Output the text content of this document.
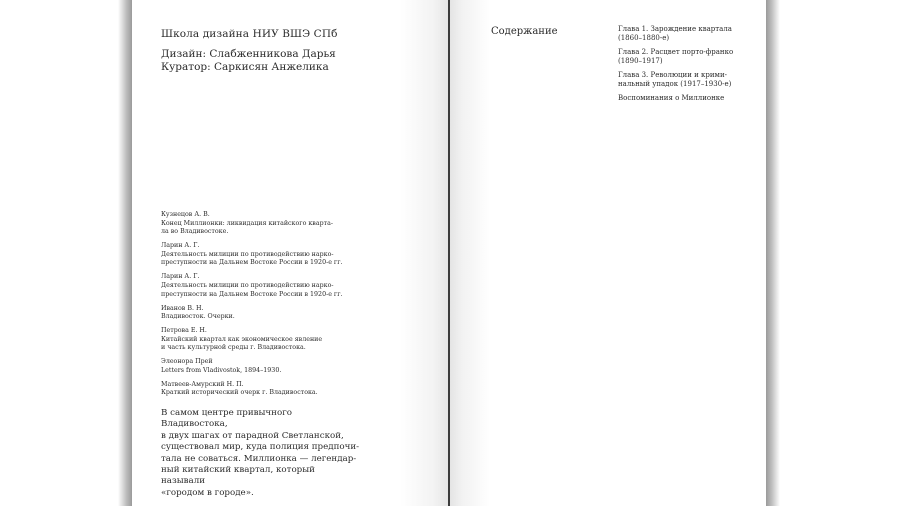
Школа дизайна НИУ ВШЭ СПб
Дизайн: Слабженникова Дарья
Куратор: Саркисян Анжелика
Кузнецов А. В.
Конец Миллионки: ликвидация китайского кварта-
ла во Владивостоке.
Ларин А. Г.
Деятельность милиции по противодействию нарко-
преступности на Дальнем Востоке России в 1920-е гг.
Ларин А. Г.
Деятельность милиции по противодействию нарко-
преступности на Дальнем Востоке России в 1920-е гг.
Иванов В. Н.
Владивосток. Очерки.
Петрова Е. Н.
Китайский квартал как экономическое явление
и часть культурной среды г. Владивостока.
Элеонора Прей
Letters from Vladivostok, 1894–1930.
Матвеев-Амурский Н. П.
Краткий исторический очерк г. Владивостока.
В самом центре привычного Владивостока,
в двух шагах от парадной Светланской,
существовал мир, куда полиция предпочи-
тала не соваться. Миллионка — легендар-
ный китайский квартал, который называли
«городом в городе».
Содержание	Глава 1. Зарождение квартала
(1860–1880-е)
Глава 2. Расцвет порто-франко
(1890–1917)
Глава 3. Революции и крими-
нальный упадок (1917–1930-е)
Воспоминания о Миллионке
